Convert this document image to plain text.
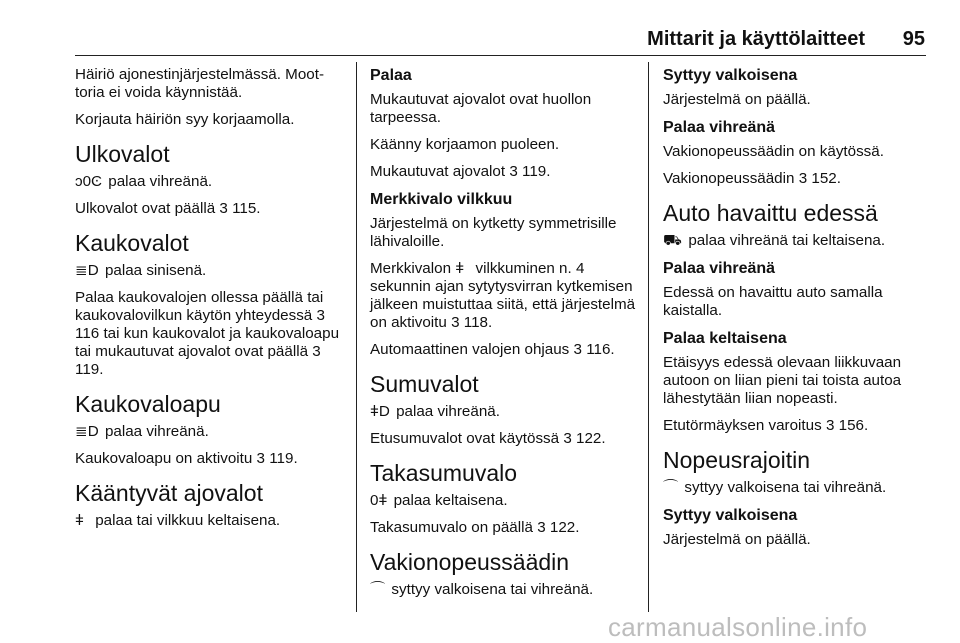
Mittarit ja käyttölaitteet 95

Häiriö ajonestinjärjestelmässä. Moottoria ei voida käynnistää.

Korjauta häiriön syy korjaamolla.

Ulkovalot

ᴐ0Ͼ palaa vihreänä.

Ulkovalot ovat päällä 3 115.

Kaukovalot

≣D palaa sinisenä.

Palaa kaukovalojen ollessa päällä tai kaukovalovilkun käytön yhteydessä 3 116 tai kun kaukovalot ja kaukovaloapu tai mukautuvat ajovalot ovat päällä 3 119.

Kaukovaloapu

≣D palaa vihreänä.

Kaukovaloapu on aktivoitu 3 119.

Kääntyvät ajovalot

ǂ palaa tai vilkkuu keltaisena.

Palaa

Mukautuvat ajovalot ovat huollon tarpeessa.

Käänny korjaamon puoleen.

Mukautuvat ajovalot 3 119.

Merkkivalo vilkkuu

Järjestelmä on kytketty symmetrisille lähivaloille.

Merkkivalon ǂ vilkkuminen n. 4 sekunnin ajan sytytysvirran kytkemisen jälkeen muistuttaa siitä, että järjestelmä on aktivoitu 3 118.

Automaattinen valojen ohjaus 3 116.

Sumuvalot

ǂD palaa vihreänä.

Etusumuvalot ovat käytössä 3 122.

Takasumuvalo

0ǂ palaa keltaisena.

Takasumuvalo on päällä 3 122.

Vakionopeussäädin

⌒ syttyy valkoisena tai vihreänä.

Syttyy valkoisena

Järjestelmä on päällä.

Palaa vihreänä

Vakionopeussäädin on käytössä.

Vakionopeussäädin 3 152.

Auto havaittu edessä

⛟ palaa vihreänä tai keltaisena.

Palaa vihreänä

Edessä on havaittu auto samalla kaistalla.

Palaa keltaisena

Etäisyys edessä olevaan liikkuvaan autoon on liian pieni tai toista autoa lähestytään liian nopeasti.

Etutörmäyksen varoitus 3 156.

Nopeusrajoitin

⌒ syttyy valkoisena tai vihreänä.

Syttyy valkoisena

Järjestelmä on päällä.

carmanualsonline.info
